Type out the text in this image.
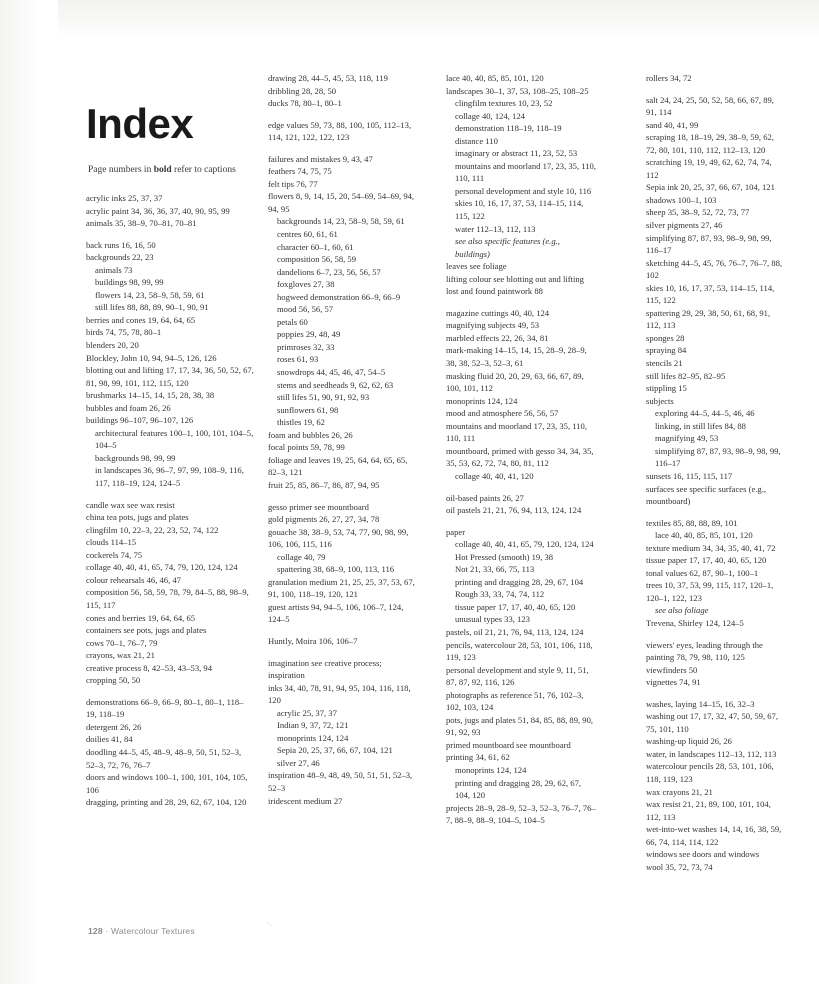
Index
Page numbers in bold refer to captions
acrylic inks 25, 37, 37
acrylic paint 34, 36, 36, 37, 40, 90, 95, 99
animals 35, 38–9, 70–81, 70–81
back runs 16, 16, 50
backgrounds 22, 23
animals 73
buildings 98, 99, 99
flowers 14, 23, 58–9, 58, 59, 61
still lifes 88, 88, 89, 90–1, 90, 91
berries and cones 19, 64, 64, 65
birds 74, 75, 78, 80–1
blenders 20, 20
Blockley, John 10, 94, 94–5, 126, 126
blotting out and lifting 17, 17, 34, 36, 50, 52, 67, 81, 98, 99, 101, 112, 115, 120
brushmarks 14–15, 14, 15, 28, 38, 38
bubbles and foam 26, 26
buildings 96–107, 96–107, 126
architectural features 100–1, 100, 101, 104–5, 104–5
backgrounds 98, 99, 99
in landscapes 36, 96–7, 97, 99, 108–9, 116, 117, 118–19, 124, 124–5
candle wax see wax resist
china tea pots, jugs and plates
clingfilm 10, 22–3, 22, 23, 52, 74, 122
clouds 114–15
cockerels 74, 75
collage 40, 40, 41, 65, 74, 79, 120, 124, 124
colour rehearsals 46, 46, 47
composition 56, 58, 59, 78, 79, 84–5, 88, 98–9, 115, 117
cones and berries 19, 64, 64, 65
containers see pots, jugs and plates
cows 70–1, 76–7, 79
crayons, wax 21, 21
creative process 8, 42–53, 43–53, 94
cropping 50, 50
demonstrations 66–9, 66–9, 80–1, 80–1, 118–19, 118–19
detergent 26, 26
doilies 41, 84
doodling 44–5, 45, 48–9, 48–9, 50, 51, 52–3, 52–3, 72, 76, 76–7
doors and windows 100–1, 100, 101, 104, 105, 106
dragging, printing and 28, 29, 62, 67, 104, 120
drawing 28, 44–5, 45, 53, 118, 119
dribbling 28, 28, 50
ducks 78, 80–1, 80–1
edge values 59, 73, 88, 100, 105, 112–13, 114, 121, 122, 122, 123
failures and mistakes 9, 43, 47
feathers 74, 75, 75
felt tips 76, 77
flowers 8, 9, 14, 15, 20, 54–69, 54–69, 94, 94, 95
backgrounds 14, 23, 58–9, 58, 59, 61
centres 60, 61, 61
character 60–1, 60, 61
composition 56, 58, 59
dandelions 6–7, 23, 56, 56, 57
foxgloves 27, 38
hogweed demonstration 66–9, 66–9
mood 56, 56, 57
petals 60
poppies 29, 48, 49
primroses 32, 33
roses 61, 93
snowdrops 44, 45, 46, 47, 54–5
stems and seedheads 9, 62, 62, 63
still lifes 51, 90, 91, 92, 93
sunflowers 61, 98
thistles 19, 62
foam and bubbles 26, 26
focal points 59, 78, 99
foliage and leaves 19, 25, 64, 64, 65, 65, 82–3, 121
fruit 25, 85, 86–7, 86, 87, 94, 95
gesso primer see mountboard
gold pigments 26, 27, 27, 34, 78
gouache 38, 38–9, 53, 74, 77, 90, 98, 99, 106, 106, 115, 116
collage 40, 79
spattering 38, 68–9, 100, 113, 116
granulation medium 21, 25, 25, 37, 53, 67, 91, 100, 118–19, 120, 121
guest artists 94, 94–5, 106, 106–7, 124, 124–5
Huntly, Moira 106, 106–7
imagination see creative process; inspiration
inks 34, 40, 78, 91, 94, 95, 104, 116, 118, 120
acrylic 25, 37, 37
Indian 9, 37, 72, 121
monoprints 124, 124
Sepia 20, 25, 37, 66, 67, 104, 121
silver 27, 46
inspiration 48–9, 48, 49, 50, 51, 51, 52–3, 52–3
iridescent medium 27
lace 40, 40, 85, 85, 101, 120
landscapes 30–1, 37, 53, 108–25, 108–25
clingfilm textures 10, 23, 52
collage 40, 124, 124
demonstration 118–19, 118–19
distance 110
imaginary or abstract 11, 23, 52, 53
mountains and moorland 17, 23, 35, 110, 110, 111
personal development and style 10, 116
skies 10, 16, 17, 37, 53, 114–15, 114, 115, 122
water 112–13, 112, 113
see also specific features (e.g., buildings)
leaves see foliage
lifting colour see blotting out and lifting
lost and found paintwork 88
magazine cuttings 40, 40, 124
magnifying subjects 49, 53
marbled effects 22, 26, 34, 81
mark-making 14–15, 14, 15, 28–9, 28–9, 38, 38, 52–3, 52–3, 61
masking fluid 20, 20, 29, 63, 66, 67, 89, 100, 101, 112
monoprints 124, 124
mood and atmosphere 56, 56, 57
mountains and moorland 17, 23, 35, 110, 110, 111
mountboard, primed with gesso 34, 34, 35, 35, 53, 62, 72, 74, 80, 81, 112
collage 40, 40, 41, 120
oil-based paints 26, 27
oil pastels 21, 21, 76, 94, 113, 124, 124
paper
collage 40, 40, 41, 65, 79, 120, 124, 124
Hot Pressed (smooth) 19, 38
Not 21, 33, 66, 75, 113
printing and dragging 28, 29, 67, 104
Rough 33, 33, 74, 74, 112
tissue paper 17, 17, 40, 40, 65, 120
unusual types 33, 123
pastels, oil 21, 21, 76, 94, 113, 124, 124
pencils, watercolour 28, 53, 101, 106, 118, 119, 123
personal development and style 9, 11, 51, 87, 87, 92, 116, 126
photographs as reference 51, 76, 102–3, 102, 103, 124
pots, jugs and plates 51, 84, 85, 88, 89, 90, 91, 92, 93
primed mountboard see mountboard
printing 34, 61, 62
monoprints 124, 124
printing and dragging 28, 29, 62, 67, 104, 120
projects 28–9, 28–9, 52–3, 52–3, 76–7, 76–7, 88–9, 88–9, 104–5, 104–5
rollers 34, 72
salt 24, 24, 25, 50, 52, 58, 66, 67, 89, 91, 114
sand 40, 41, 99
scraping 18, 18–19, 29, 38–9, 59, 62, 72, 80, 101, 110, 112, 112–13, 120
scratching 19, 19, 49, 62, 62, 74, 74, 112
Sepia ink 20, 25, 37, 66, 67, 104, 121
shadows 100–1, 103
sheep 35, 38–9, 52, 72, 73, 77
silver pigments 27, 46
simplifying 87, 87, 93, 98–9, 98, 99, 116–17
sketching 44–5, 45, 76, 76–7, 76–7, 88, 102
skies 10, 16, 17, 37, 53, 114–15, 114, 115, 122
spattering 29, 29, 38, 50, 61, 68, 91, 112, 113
sponges 28
spraying 84
stencils 21
still lifes 82–95, 82–95
stippling 15
subjects
exploring 44–5, 44–5, 46, 46
linking, in still lifes 84, 88
magnifying 49, 53
simplifying 87, 87, 93, 98–9, 98, 99, 116–17
sunsets 16, 115, 115, 117
surfaces see specific surfaces (e.g., mountboard)
textiles 85, 88, 88, 89, 101
lace 40, 40, 85, 85, 101, 120
texture medium 34, 34, 35, 40, 41, 72
tissue paper 17, 17, 40, 40, 65, 120
tonal values 62, 87, 90–1, 100–1
trees 10, 37, 53, 99, 115, 117, 120–1, 120–1, 122, 123
see also foliage
Trevena, Shirley 124, 124–5
viewers' eyes, leading through the painting 78, 79, 98, 110, 125
viewfinders 50
vignettes 74, 91
washes, laying 14–15, 16, 32–3
washing out 17, 17, 32, 47, 50, 59, 67, 75, 101, 110
washing-up liquid 26, 26
water, in landscapes 112–13, 112, 113
watercolour pencils 28, 53, 101, 106, 118, 119, 123
wax crayons 21, 21
wax resist 21, 21, 89, 100, 101, 104, 112, 113
wet-into-wet washes 14, 14, 16, 38, 59, 66, 74, 114, 114, 122
windows see doors and windows
wool 35, 72, 73, 74
128 · Watercolour Textures
·.
